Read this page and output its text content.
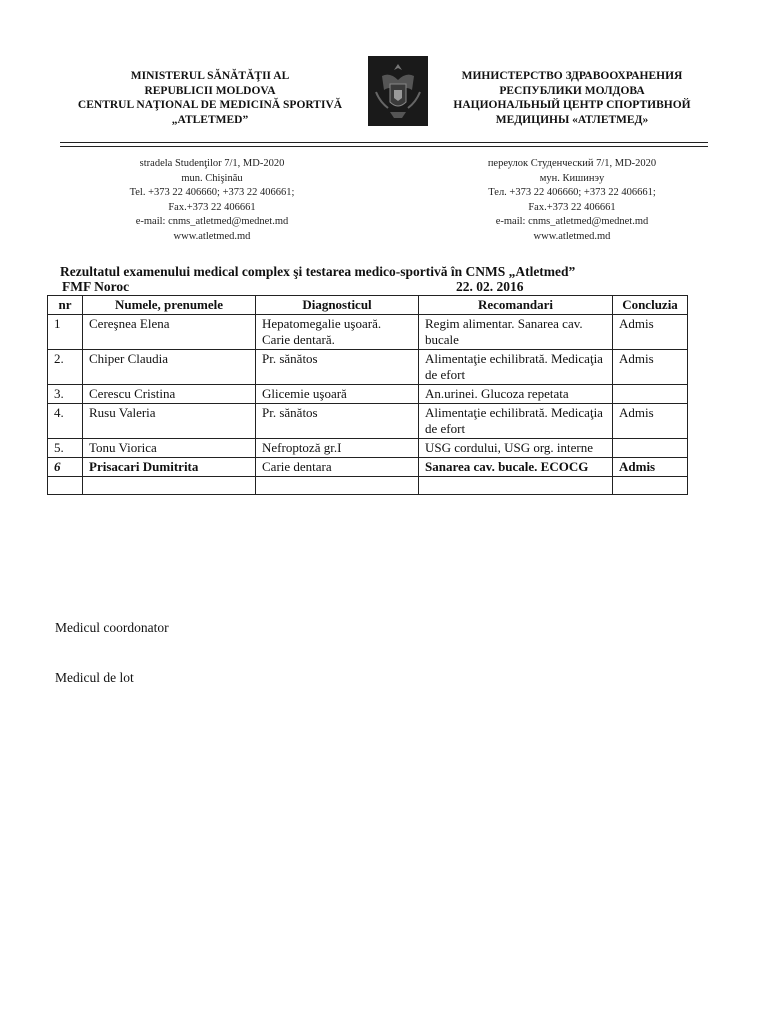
MINISTERUL SĂNĂTĂŢII AL
REPUBLICII MOLDOVA
CENTRUL NAŢIONAL DE MEDICINĂ SPORTIVĂ
„ATLETMED”
МИНИСТЕРСТВО ЗДРАВООХРАНЕНИЯ
РЕСПУБЛИКИ МОЛДОВА
НАЦИОНАЛЬНЫЙ ЦЕНТР СПОРТИВНОЙ
МЕДИЦИНЫ «АТЛЕТМЕД»
stradela Studenţilor 7/1, MD-2020
mun. Chişinău
Tel. +373 22 406660; +373 22 406661;
Fax.+373 22 406661
e-mail: cnms_atletmed@mednet.md
www.atletmed.md
переулок Студенческий 7/1, MD-2020
мун. Кишинэу
Тел. +373 22 406660; +373 22 406661;
Fax.+373 22 406661
e-mail: cnms_atletmed@mednet.md
www.atletmed.md
Rezultatul examenului medical complex şi testarea medico-sportivă în CNMS „Atletmed”
FMF Noroc	22. 02. 2016
nr	Numele, prenumele	Diagnosticul	Recomandari	Concluzia
1	Cereşnea Elena	Hepatomegalie uşoară. Carie dentară.	Regim alimentar. Sanarea cav. bucale	Admis
2.	Chiper Claudia	Pr. sănătos	Alimentaţie echilibrată. Medicaţia de efort	Admis
3.	Cerescu Cristina	Glicemie uşoară	An.urinei. Glucoza repetata	
4.	Rusu Valeria	Pr. sănătos	Alimentaţie echilibrată. Medicaţia de efort	Admis
5.	Tonu Viorica	Nefroptoză gr.I	USG cordului, USG org. interne	
6	Prisacari Dumitrita	Carie dentara	Sanarea cav. bucale. ECOCG	Admis

Medicul coordonator
Medicul de lot
